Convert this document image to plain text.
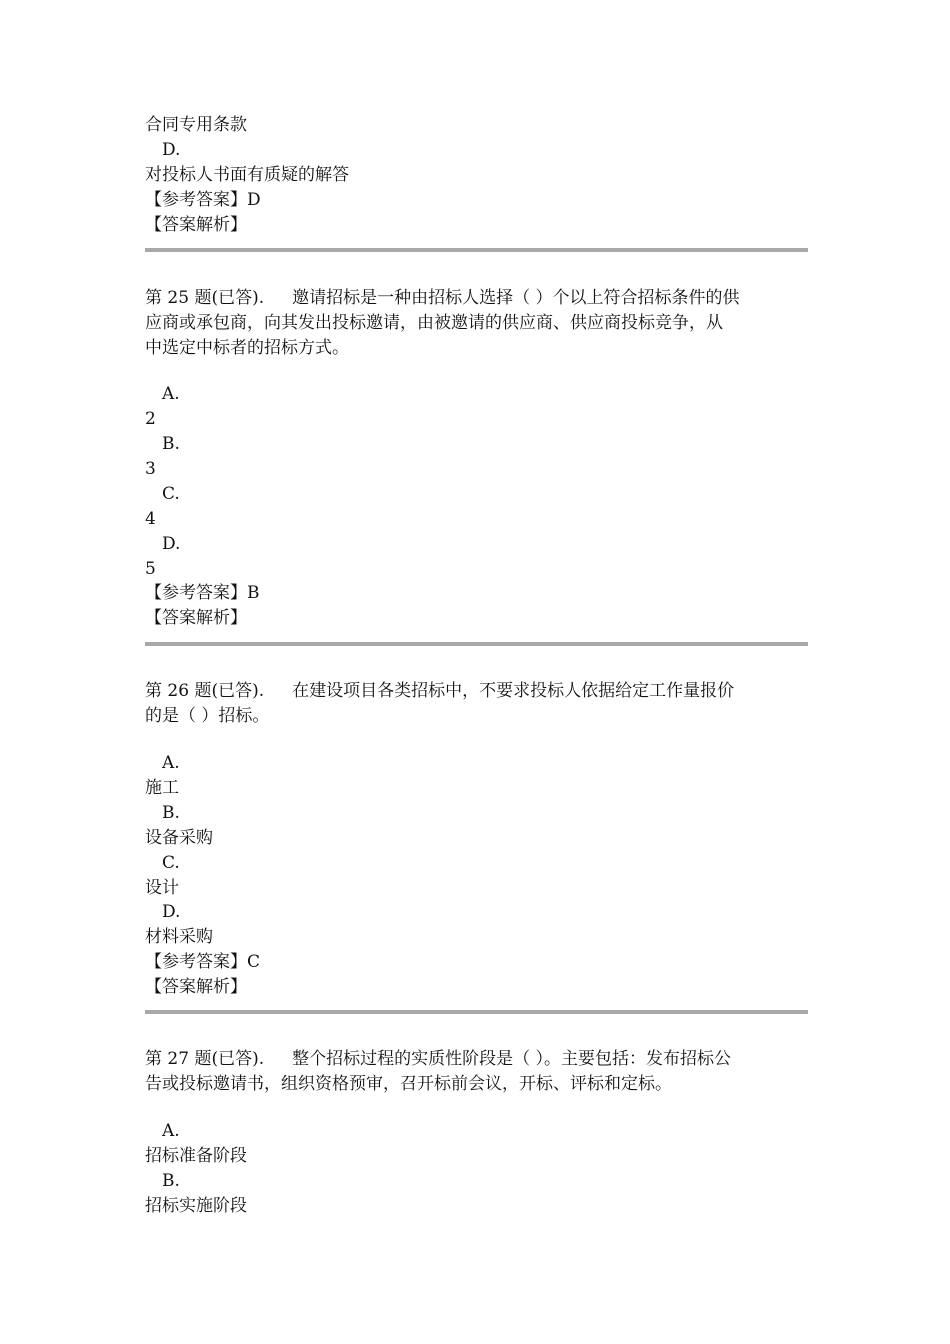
合同专用条款
D.
对投标人书面有质疑的解答
【参考答案】D
【答案解析】
第 25 题(已答). 邀请招标是一种由招标人选择（ ）个以上符合招标条件的供
应商或承包商，向其发出投标邀请，由被邀请的供应商、供应商投标竞争，从
中选定中标者的招标方式。
A.
2
B.
3
C.
4
D.
5
【参考答案】B
【答案解析】
第 26 题(已答). 在建设项目各类招标中，不要求投标人依据给定工作量报价
的是（ ）招标。
A.
施工
B.
设备采购
C.
设计
D.
材料采购
【参考答案】C
【答案解析】
第 27 题(已答). 整个招标过程的实质性阶段是（ ）。主要包括：发布招标公
告或投标邀请书，组织资格预审，召开标前会议，开标、评标和定标。
A.
招标准备阶段
B.
招标实施阶段
